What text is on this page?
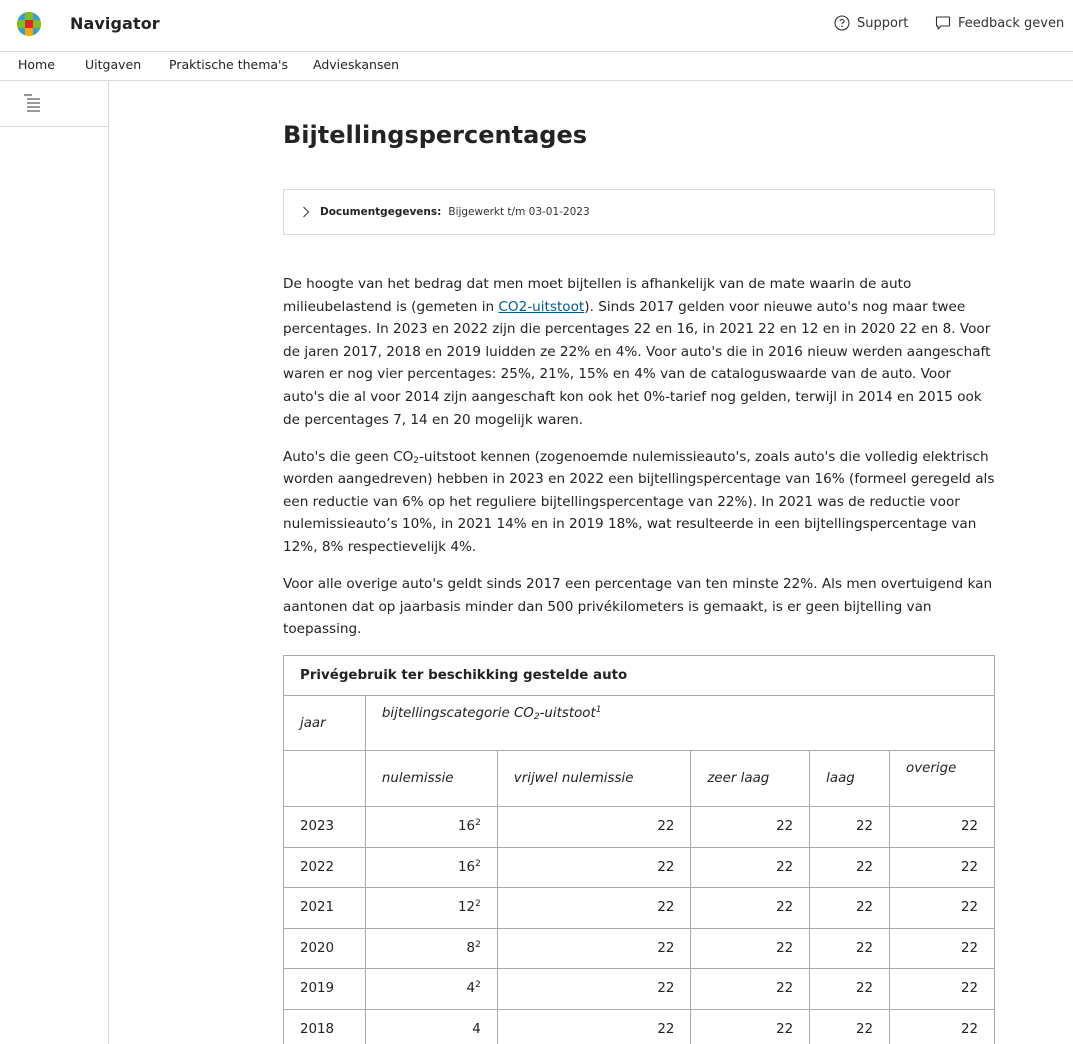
Navigator	Support	Feedback geven
Home Uitgaven Praktische thema's Advieskansen
Bijtellingspercentages
Documentgegevens: Bijgewerkt t/m 03-01-2023

De hoogte van het bedrag dat men moet bijtellen is afhankelijk van de mate waarin de auto milieubelastend is (gemeten in CO2-uitstoot). Sinds 2017 gelden voor nieuwe auto's nog maar twee percentages. In 2023 en 2022 zijn die percentages 22 en 16, in 2021 22 en 12 en in 2020 22 en 8. Voor de jaren 2017, 2018 en 2019 luidden ze 22% en 4%. Voor auto's die in 2016 nieuw werden aangeschaft waren er nog vier percentages: 25%, 21%, 15% en 4% van de cataloguswaarde van de auto. Voor auto's die al voor 2014 zijn aangeschaft kon ook het 0%-tarief nog gelden, terwijl in 2014 en 2015 ook de percentages 7, 14 en 20 mogelijk waren.

Auto's die geen $CO_2$-uitstoot kennen (zogenoemde nulemissieauto's, zoals auto's die volledig elektrisch worden aangedreven) hebben in 2023 en 2022 een bijtellingspercentage van 16% (formeel geregeld als een reductie van 6% op het reguliere bijtellingspercentage van 22%). In 2021 was de reductie voor nulemissieauto’s 10%, in 2021 14% en in 2019 18%, wat resulteerde in een bijtellingspercentage van 12%, 8% respectievelijk 4%.

Voor alle overige auto's geldt sinds 2017 een percentage van ten minste 22%. Als men overtuigend kan aantonen dat op jaarbasis minder dan 500 privékilometers is gemaakt, is er geen bijtelling van toepassing.

Privégebruik ter beschikking gestelde auto					
jaar	bijtellingscategorie $CO_2-uitstoot^1$
	nulemissie	vrijwel nulemissie	zeer laag	laag	overige
2023	$16^2$	22	22	22	22
2022	$16^2$	22	22	22	22
2021	$12^2$	22	22	22	22
2020	$8^2$	22	22	22	22
2019	$4^2$	22	22	22	22
2018	4	22	22	22	22
